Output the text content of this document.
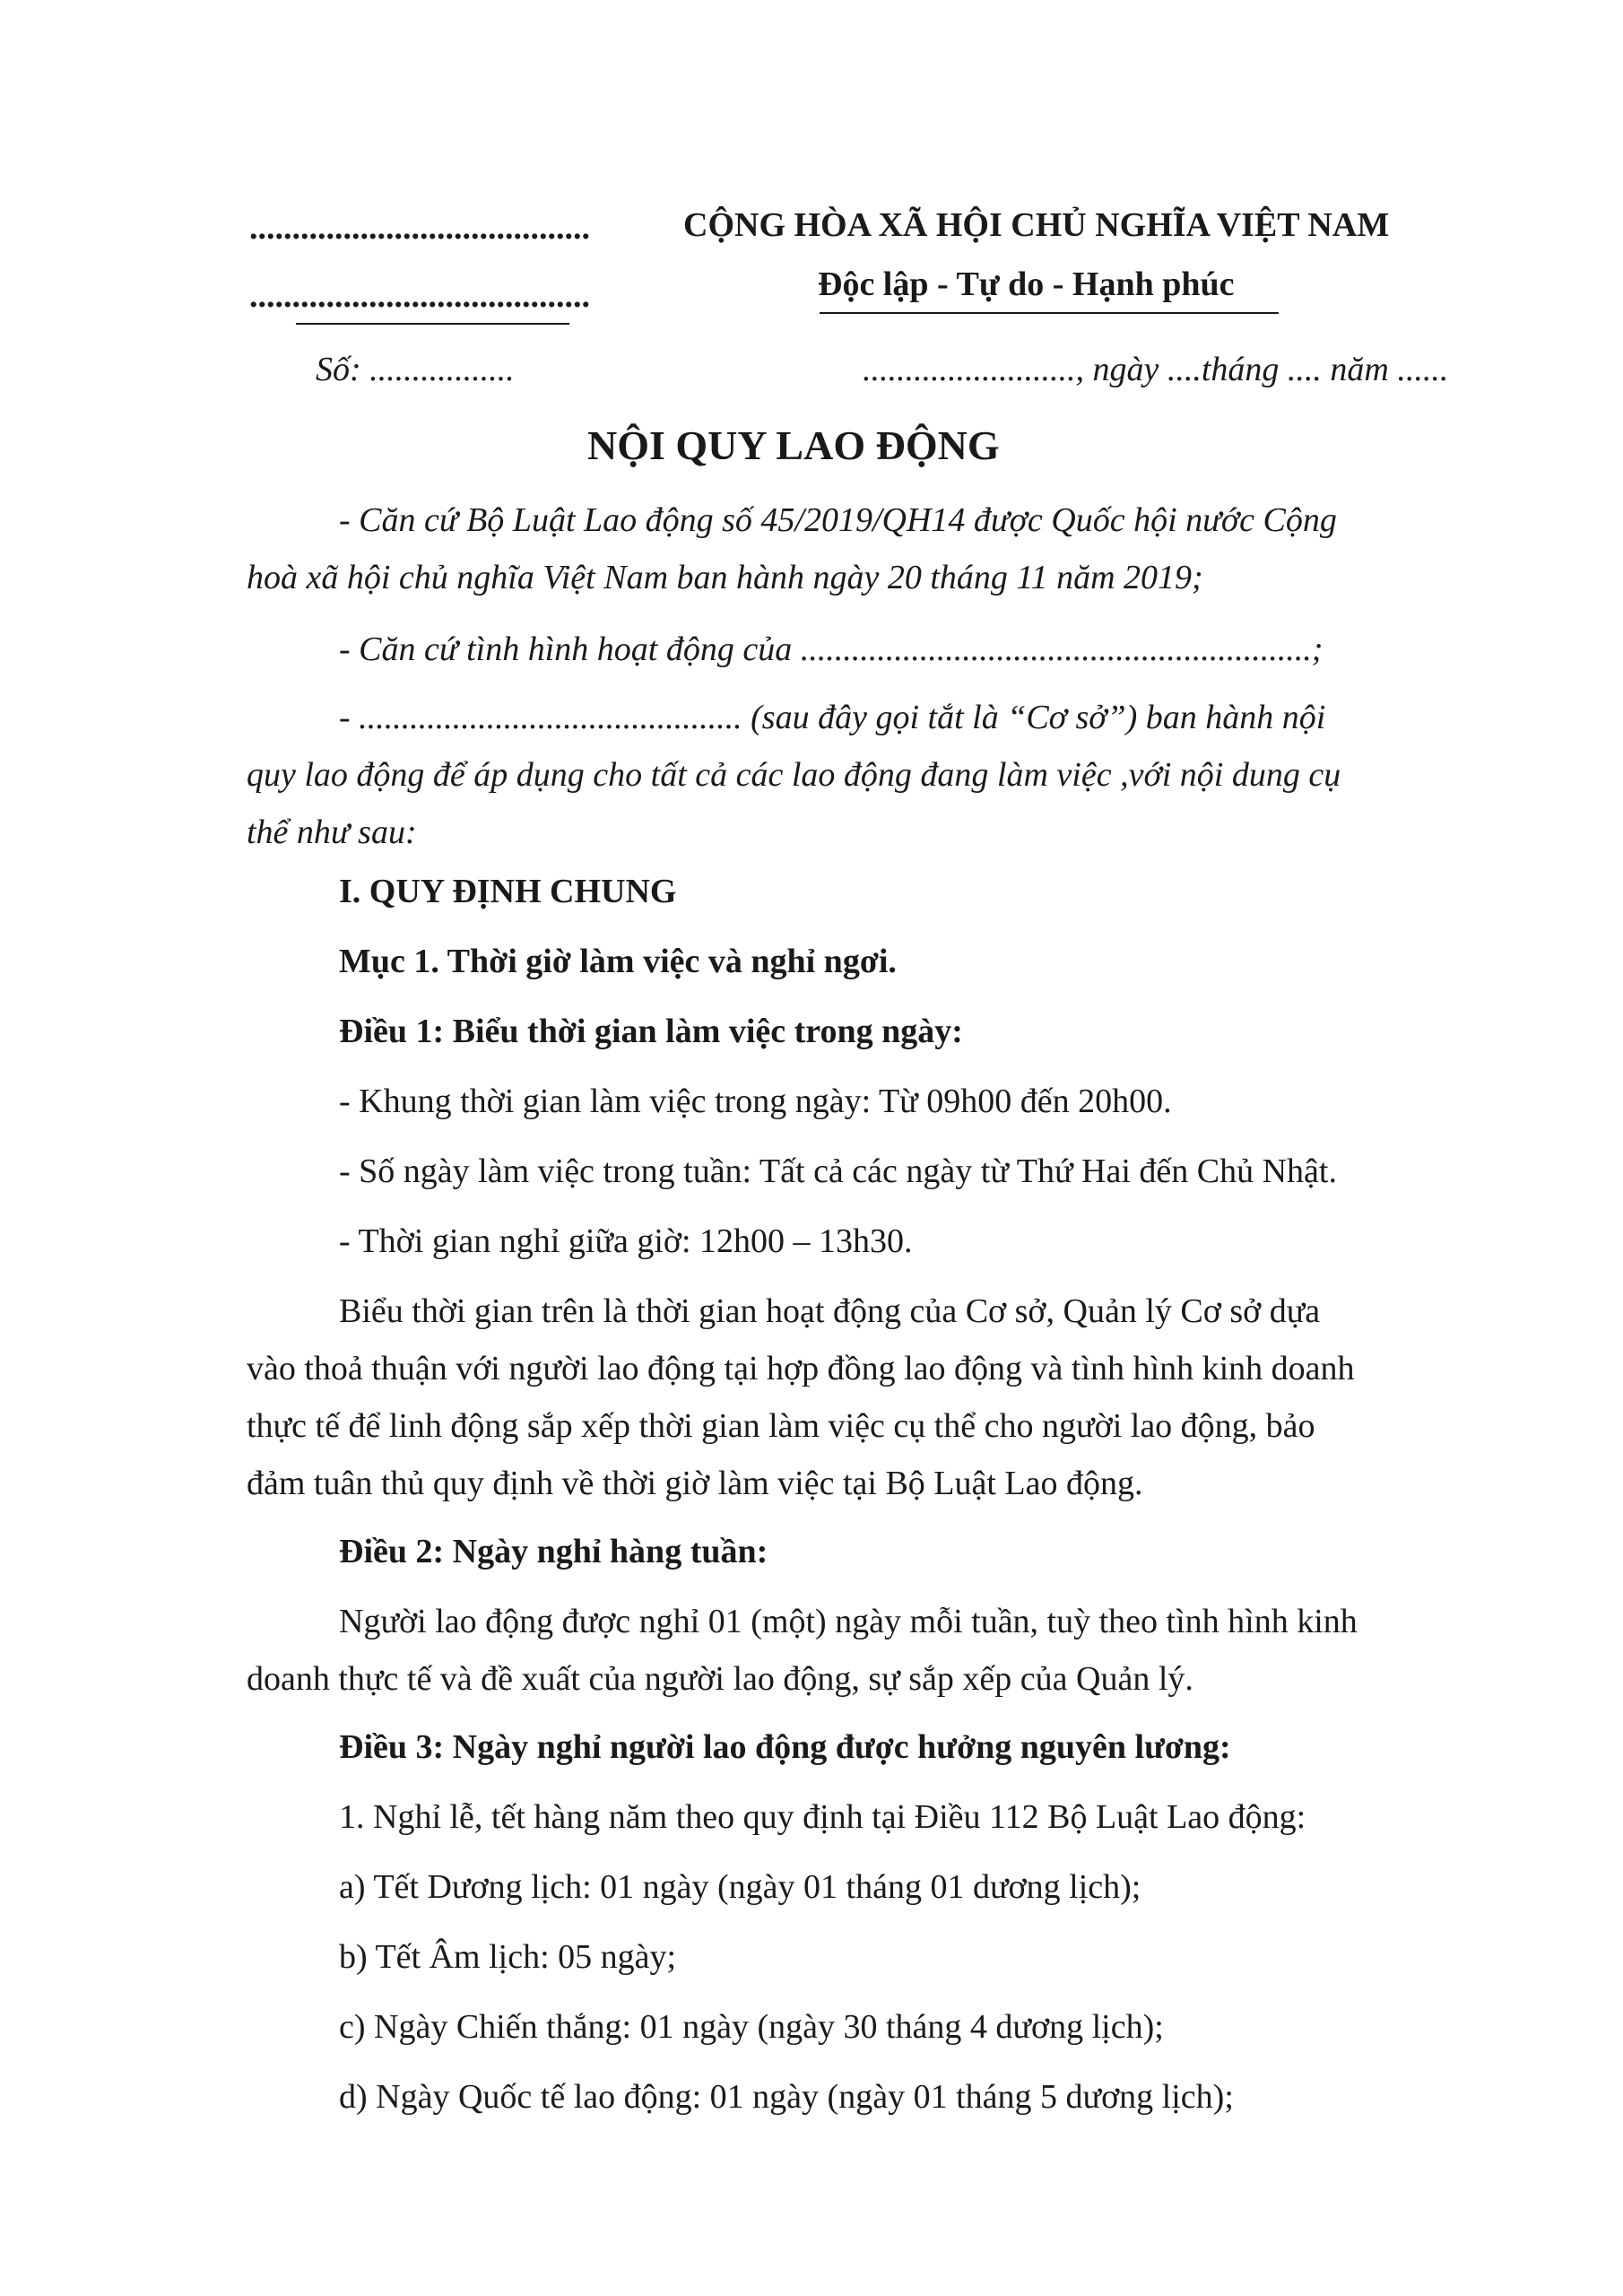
........................................
........................................
CỘNG HÒA XÃ HỘI CHỦ NGHĨA VIỆT NAM
Độc lập - Tự do - Hạnh phúc
Số: .................	........................., ngày ....tháng .... năm ......
NỘI QUY LAO ĐỘNG
- Căn cứ Bộ Luật Lao động số 45/2019/QH14 được Quốc hội nước Cộng
hoà xã hội chủ nghĩa Việt Nam ban hành ngày 20 tháng 11 năm 2019;
- Căn cứ tình hình hoạt động của ............................................................;
- ............................................. (sau đây gọi tắt là “Cơ sở”) ban hành nội
quy lao động để áp dụng cho tất cả các lao động đang làm việc ,với nội dung cụ
thể như sau:
I. QUY ĐỊNH CHUNG
Mục 1. Thời giờ làm việc và nghỉ ngơi.
Điều 1: Biểu thời gian làm việc trong ngày:
- Khung thời gian làm việc trong ngày: Từ 09h00 đến 20h00.
- Số ngày làm việc trong tuần: Tất cả các ngày từ Thứ Hai đến Chủ Nhật.
- Thời gian nghỉ giữa giờ: 12h00 – 13h30.
Biểu thời gian trên là thời gian hoạt động của Cơ sở, Quản lý Cơ sở dựa
vào thoả thuận với người lao động tại hợp đồng lao động và tình hình kinh doanh
thực tế để linh động sắp xếp thời gian làm việc cụ thể cho người lao động, bảo
đảm tuân thủ quy định về thời giờ làm việc tại Bộ Luật Lao động.
Điều 2: Ngày nghỉ hàng tuần:
Người lao động được nghỉ 01 (một) ngày mỗi tuần, tuỳ theo tình hình kinh
doanh thực tế và đề xuất của người lao động, sự sắp xếp của Quản lý.
Điều 3: Ngày nghỉ người lao động được hưởng nguyên lương:
1. Nghỉ lễ, tết hàng năm theo quy định tại Điều 112 Bộ Luật Lao động:
a) Tết Dương lịch: 01 ngày (ngày 01 tháng 01 dương lịch);
b) Tết Âm lịch: 05 ngày;
c) Ngày Chiến thắng: 01 ngày (ngày 30 tháng 4 dương lịch);
d) Ngày Quốc tế lao động: 01 ngày (ngày 01 tháng 5 dương lịch);
